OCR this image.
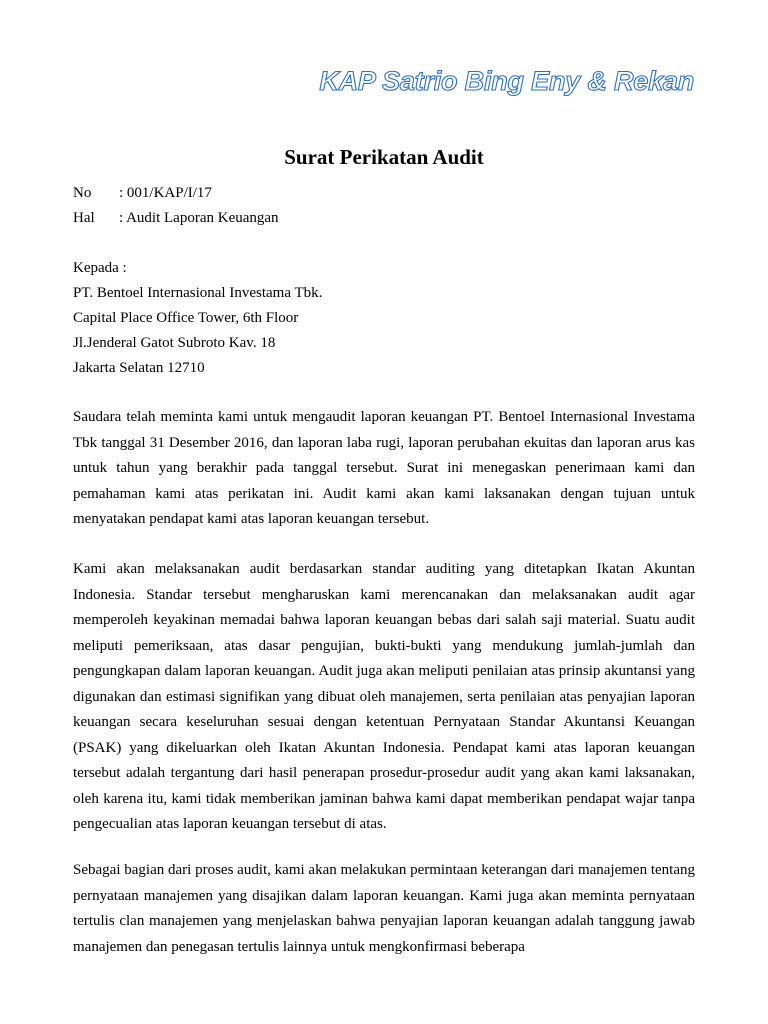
KAP Satrio Bing Eny & Rekan
Surat Perikatan Audit
No	: 001/KAP/I/17
Hal	: Audit Laporan Keuangan
Kepada :
PT. Bentoel Internasional Investama Tbk.
Capital Place Office Tower, 6th Floor
Jl.Jenderal Gatot Subroto Kav. 18
Jakarta Selatan 12710

Saudara telah meminta kami untuk mengaudit laporan keuangan PT. Bentoel Internasional Investama Tbk tanggal 31 Desember 2016, dan laporan laba rugi, laporan perubahan ekuitas dan laporan arus kas untuk tahun yang berakhir pada tanggal tersebut. Surat ini menegaskan penerimaan kami dan pemahaman kami atas perikatan ini. Audit kami akan kami laksanakan dengan tujuan untuk menyatakan pendapat kami atas laporan keuangan tersebut.

Kami akan melaksanakan audit berdasarkan standar auditing yang ditetapkan Ikatan Akuntan Indonesia. Standar tersebut mengharuskan kami merencanakan dan melaksanakan audit agar memperoleh keyakinan memadai bahwa laporan keuangan bebas dari salah saji material. Suatu audit meliputi pemeriksaan, atas dasar pengujian, bukti-bukti yang mendukung jumlah-jumlah dan pengungkapan dalam laporan keuangan. Audit juga akan meliputi penilaian atas prinsip akuntansi yang digunakan dan estimasi signifikan yang dibuat oleh manajemen, serta penilaian atas penyajian laporan keuangan secara keseluruhan sesuai dengan ketentuan Pernyataan Standar Akuntansi Keuangan (PSAK) yang dikeluarkan oleh Ikatan Akuntan Indonesia. Pendapat kami atas laporan keuangan tersebut adalah tergantung dari hasil penerapan prosedur-prosedur audit yang akan kami laksanakan, oleh karena itu, kami tidak memberikan jaminan bahwa kami dapat memberikan pendapat wajar tanpa pengecualian atas laporan keuangan tersebut di atas.

Sebagai bagian dari proses audit, kami akan melakukan permintaan keterangan dari manajemen tentang pernyataan manajemen yang disajikan dalam laporan keuangan. Kami juga akan meminta pernyataan tertulis clan manajemen yang menjelaskan bahwa penyajian laporan keuangan adalah tanggung jawab manajemen dan penegasan tertulis lainnya untuk mengkonfirmasi beberapa
